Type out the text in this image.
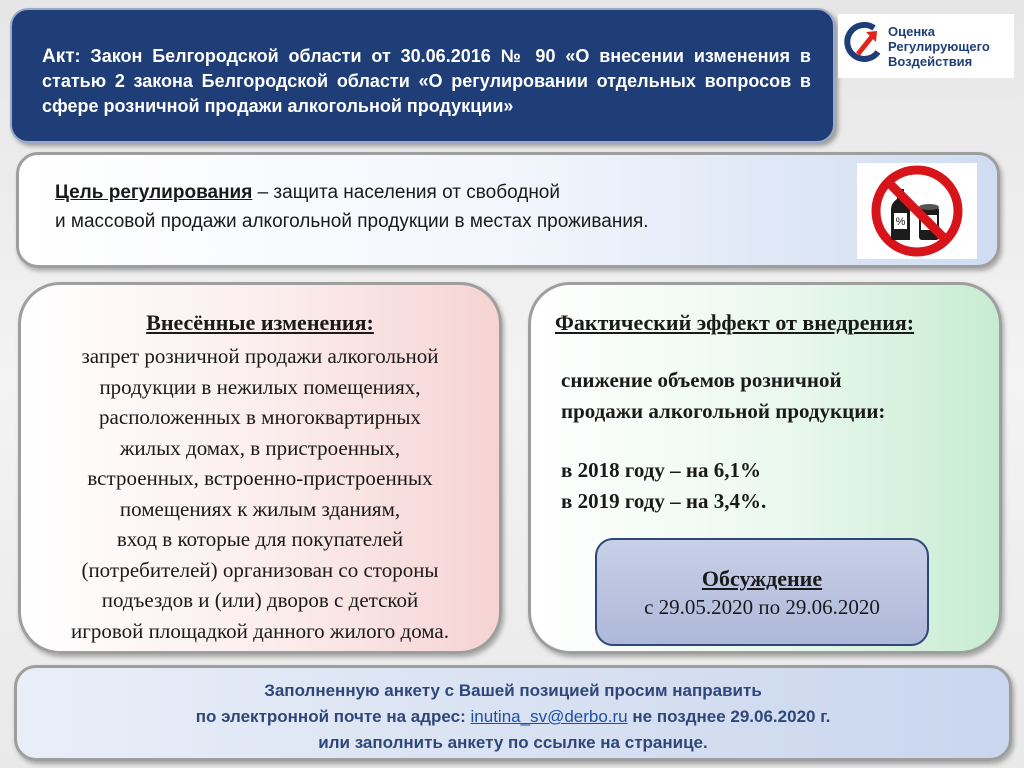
Акт: Закон Белгородской области от 30.06.2016 № 90 «О внесении изменения в статью 2 закона Белгородской области «О регулировании отдельных вопросов в сфере розничной продажи алкогольной продукции»
Оценка
Регулирующего
Воздействия
Цель регулирования – защита населения от свободной
и массовой продажи алкогольной продукции в местах проживания.	%
Внесённые изменения:
запрет розничной продажи алкогольной
продукции в нежилых помещениях,
расположенных в многоквартирных
жилых домах, в пристроенных,
встроенных, встроенно-пристроенных
помещениях к жилым зданиям,
вход в которые для покупателей
(потребителей) организован со стороны
подъездов и (или) дворов с детской
игровой площадкой данного жилого дома.
Фактический эффект от внедрения:
снижение объемов розничной
продажи алкогольной продукции:
в 2018 году – на 6,1%
в 2019 году – на 3,4%.
Обсуждение
с 29.05.2020 по 29.06.2020
Заполненную анкету с Вашей позицией просим направить
по электронной почте на адрес: inutina_sv@derbo.ru не позднее 29.06.2020 г.
или заполнить анкету по ссылке на странице.
